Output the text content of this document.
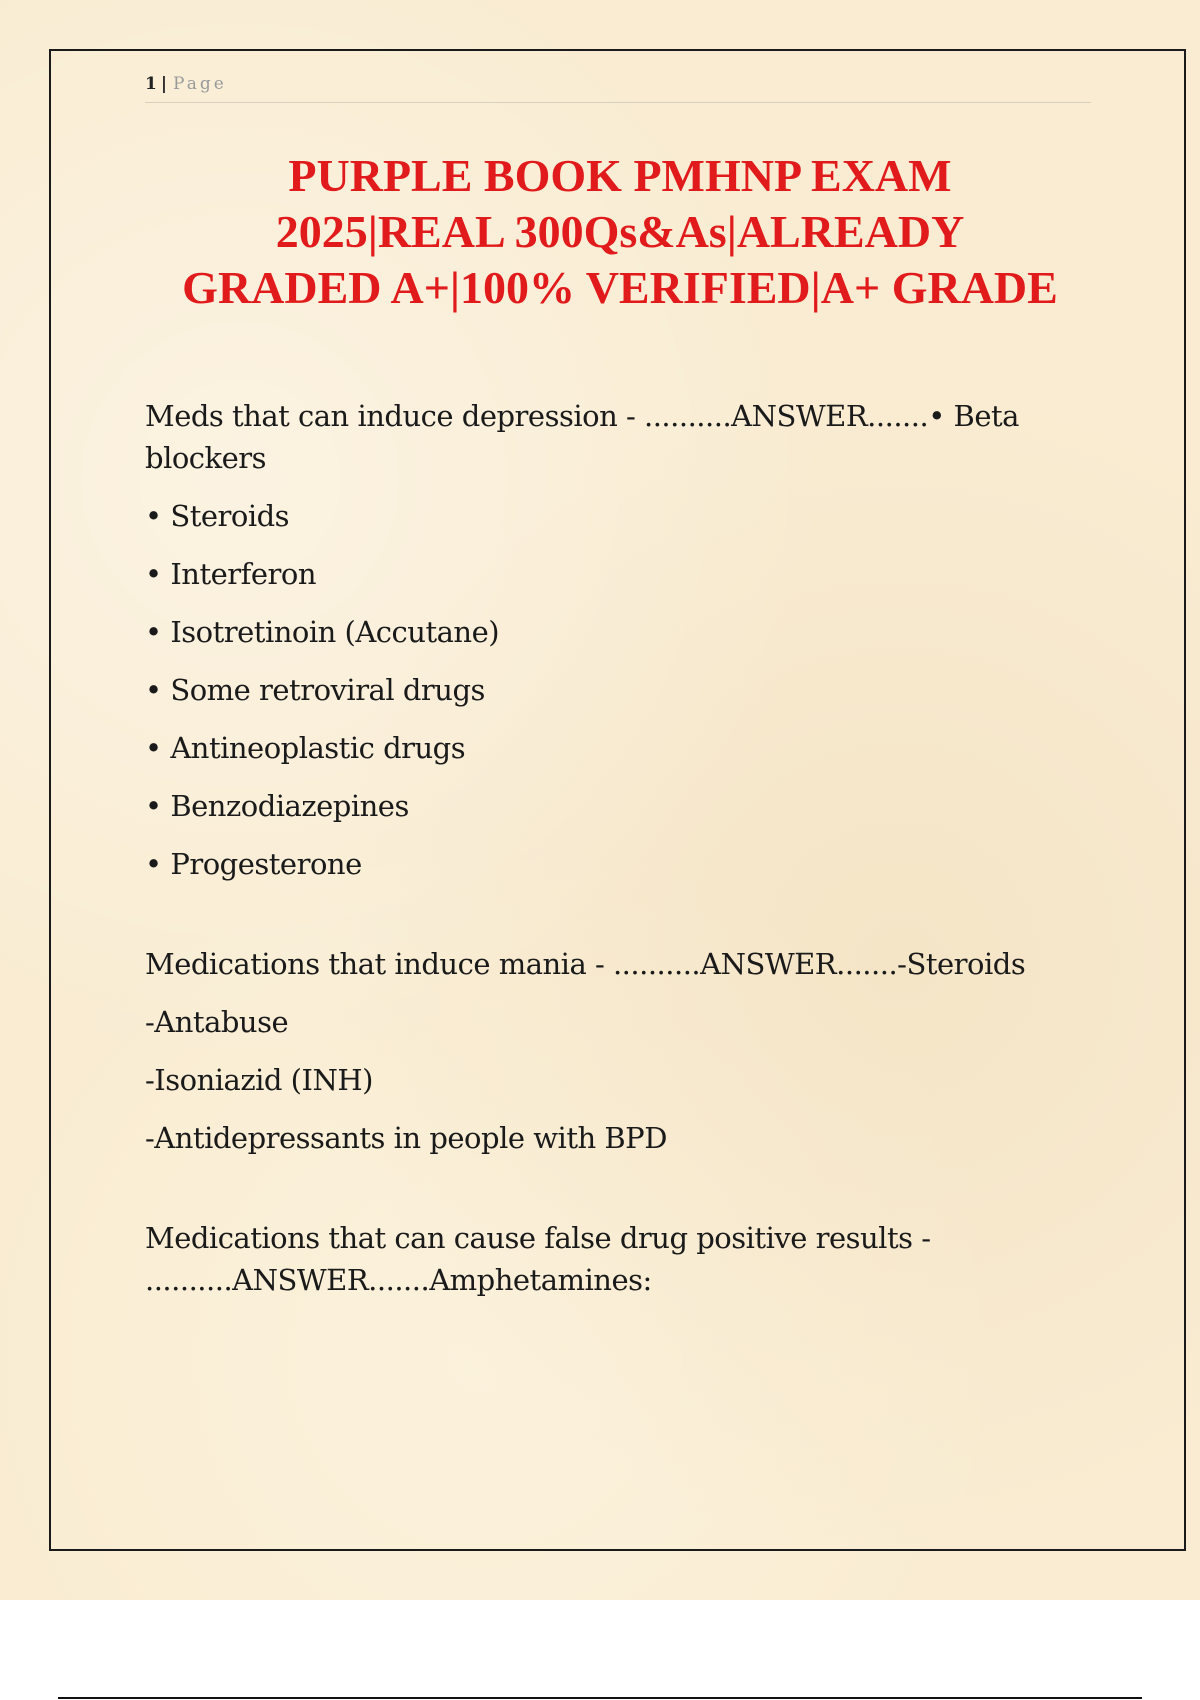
1 | Page
PURPLE BOOK PMHNP EXAM
2025|REAL 300Qs&As|ALREADY
GRADED A+|100% VERIFIED|A+ GRADE

Meds that can induce depression - ..........ANSWER.......• Beta blockers

• Steroids
• Interferon
• Isotretinoin (Accutane)
• Some retroviral drugs
• Antineoplastic drugs
• Benzodiazepines
• Progesterone

Medications that induce mania - ..........ANSWER.......-Steroids

-Antabuse
-Isoniazid (INH)
-Antidepressants in people with BPD

Medications that can cause false drug positive results - ..........ANSWER.......Amphetamines:
